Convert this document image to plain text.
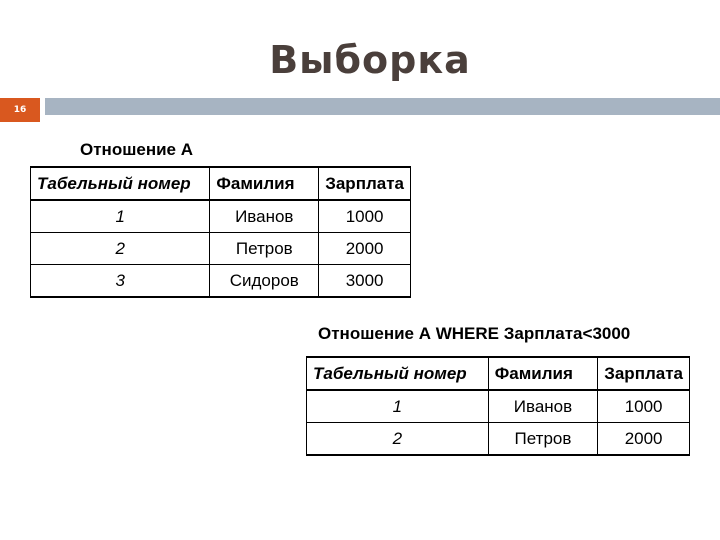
Выборка
16
Отношение А
Табельный номер	Фамилия	Зарплата
1	Иванов	1000
2	Петров	2000
3	Сидоров	3000
Отношение А WHERE Зарплата<3000
Табельный номер	Фамилия	Зарплата
1	Иванов	1000
2	Петров	2000
